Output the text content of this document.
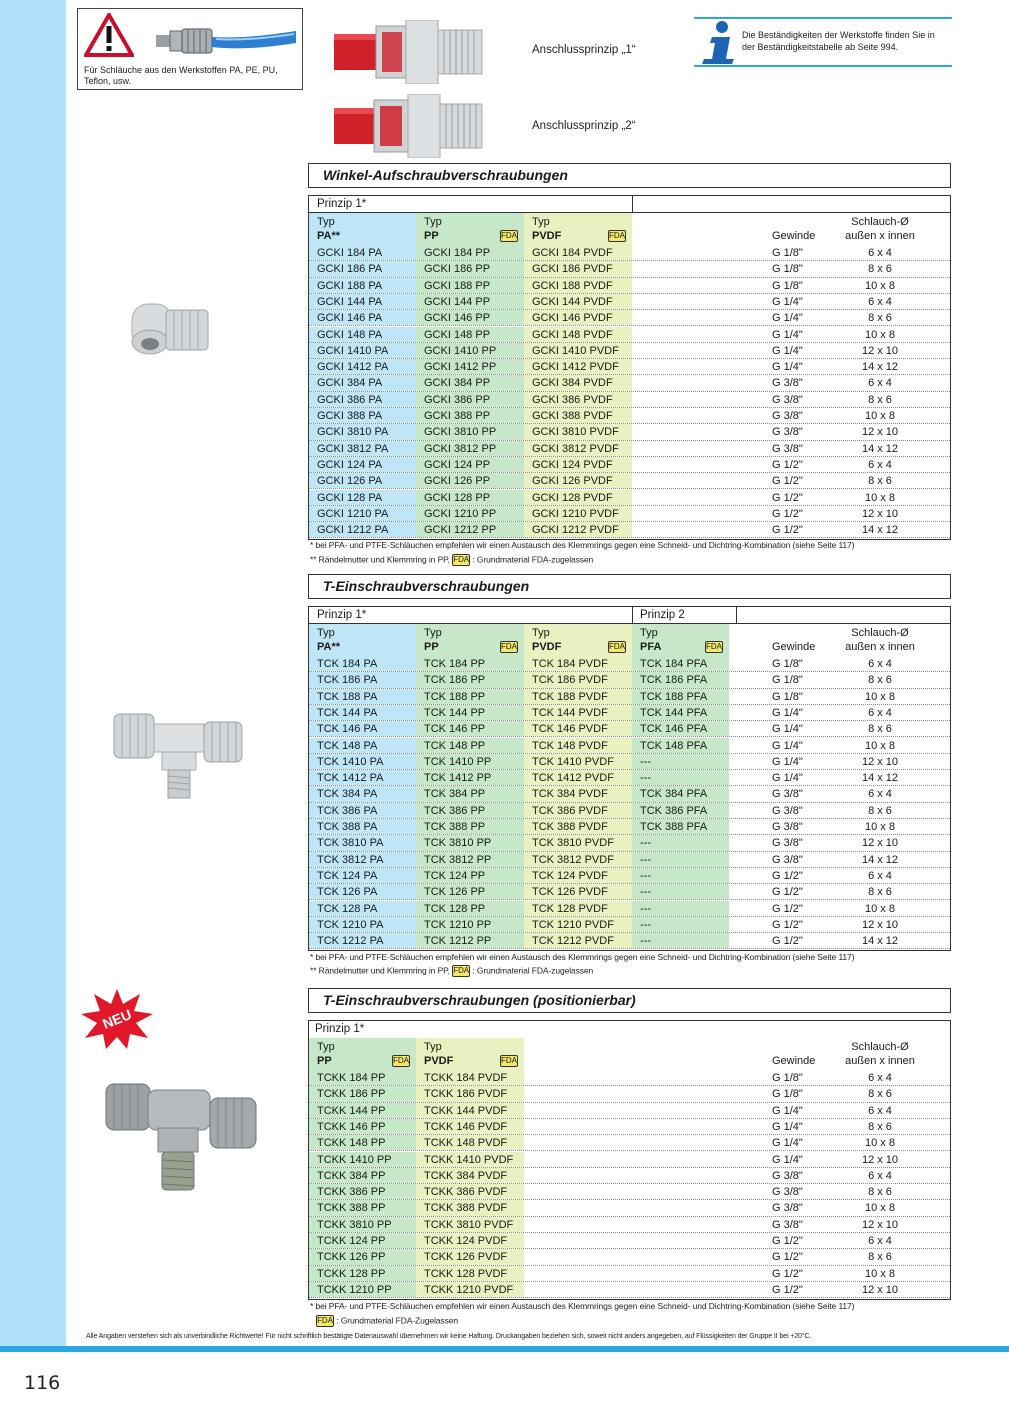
Für Schläuche aus den Werkstoffen PA, PE, PU, Teflon, usw.
Anschlussprinzip „1“
Anschlussprinzip „2“
Die Beständigkeiten der Werkstoffe finden Sie in der Beständigkeitstabelle ab Seite 994.
Winkel-Aufschraubverschraubungen
Prinzip 1*
Typ
PA**
Typ
PP	FDA
Typ
PVDF	FDA
	Gewinde
Schlauch-Ø
außen x innen
GCKI 184 PA	GCKI 184 PP	GCKI 184 PVDF	G 1/8"	6 x 4
GCKI 186 PA	GCKI 186 PP	GCKI 186 PVDF	G 1/8"	8 x 6
GCKI 188 PA	GCKI 188 PP	GCKI 188 PVDF	G 1/8"	10 x 8
GCKI 144 PA	GCKI 144 PP	GCKI 144 PVDF	G 1/4"	6 x 4
GCKI 146 PA	GCKI 146 PP	GCKI 146 PVDF	G 1/4"	8 x 6
GCKI 148 PA	GCKI 148 PP	GCKI 148 PVDF	G 1/4"	10 x 8
GCKI 1410 PA	GCKI 1410 PP	GCKI 1410 PVDF	G 1/4"	12 x 10
GCKI 1412 PA	GCKI 1412 PP	GCKI 1412 PVDF	G 1/4"	14 x 12
GCKI 384 PA	GCKI 384 PP	GCKI 384 PVDF	G 3/8"	6 x 4
GCKI 386 PA	GCKI 386 PP	GCKI 386 PVDF	G 3/8"	8 x 6
GCKI 388 PA	GCKI 388 PP	GCKI 388 PVDF	G 3/8"	10 x 8
GCKI 3810 PA	GCKI 3810 PP	GCKI 3810 PVDF	G 3/8"	12 x 10
GCKI 3812 PA	GCKI 3812 PP	GCKI 3812 PVDF	G 3/8"	14 x 12
GCKI 124 PA	GCKI 124 PP	GCKI 124 PVDF	G 1/2"	6 x 4
GCKI 126 PA	GCKI 126 PP	GCKI 126 PVDF	G 1/2"	8 x 6
GCKI 128 PA	GCKI 128 PP	GCKI 128 PVDF	G 1/2"	10 x 8
GCKI 1210 PA	GCKI 1210 PP	GCKI 1210 PVDF	G 1/2"	12 x 10
GCKI 1212 PA	GCKI 1212 PP	GCKI 1212 PVDF	G 1/2"	14 x 12
* bei PFA- und PTFE-Schläuchen empfehlen wir einen Austausch des Klemmrings gegen eine Schneid- und Dichtring-Kombination (siehe Seite 117)
** Rändelmutter und Klemmring in PP, FDA : Grundmaterial FDA-zugelassen
T-Einschraubverschraubungen
Prinzip 1*	Prinzip 2
Typ
PA**
Typ
PP	FDA
Typ
PVDF	FDA
Typ
PFA	FDA
	Gewinde
Schlauch-Ø
außen x innen
TCK 184 PA	TCK 184 PP	TCK 184 PVDF	TCK 184 PFA	G 1/8"	6 x 4
TCK 186 PA	TCK 186 PP	TCK 186 PVDF	TCK 186 PFA	G 1/8"	8 x 6
TCK 188 PA	TCK 188 PP	TCK 188 PVDF	TCK 188 PFA	G 1/8"	10 x 8
TCK 144 PA	TCK 144 PP	TCK 144 PVDF	TCK 144 PFA	G 1/4"	6 x 4
TCK 146 PA	TCK 146 PP	TCK 146 PVDF	TCK 146 PFA	G 1/4"	8 x 6
TCK 148 PA	TCK 148 PP	TCK 148 PVDF	TCK 148 PFA	G 1/4"	10 x 8
TCK 1410 PA	TCK 1410 PP	TCK 1410 PVDF	---	G 1/4"	12 x 10
TCK 1412 PA	TCK 1412 PP	TCK 1412 PVDF	---	G 1/4"	14 x 12
TCK 384 PA	TCK 384 PP	TCK 384 PVDF	TCK 384 PFA	G 3/8"	6 x 4
TCK 386 PA	TCK 386 PP	TCK 386 PVDF	TCK 386 PFA	G 3/8"	8 x 6
TCK 388 PA	TCK 388 PP	TCK 388 PVDF	TCK 388 PFA	G 3/8"	10 x 8
TCK 3810 PA	TCK 3810 PP	TCK 3810 PVDF	---	G 3/8"	12 x 10
TCK 3812 PA	TCK 3812 PP	TCK 3812 PVDF	---	G 3/8"	14 x 12
TCK 124 PA	TCK 124 PP	TCK 124 PVDF	---	G 1/2"	6 x 4
TCK 126 PA	TCK 126 PP	TCK 126 PVDF	---	G 1/2"	8 x 6
TCK 128 PA	TCK 128 PP	TCK 128 PVDF	---	G 1/2"	10 x 8
TCK 1210 PA	TCK 1210 PP	TCK 1210 PVDF	---	G 1/2"	12 x 10
TCK 1212 PA	TCK 1212 PP	TCK 1212 PVDF	---	G 1/2"	14 x 12
* bei PFA- und PTFE-Schläuchen empfehlen wir einen Austausch des Klemmrings gegen eine Schneid- und Dichtring-Kombination (siehe Seite 117)
** Rändelmutter und Klemmring in PP, FDA : Grundmaterial FDA-zugelassen
NEU
T-Einschraubverschraubungen (positionierbar)
Prinzip 1*
Typ
PP	FDA
Typ
PVDF	FDA
	Gewinde
Schlauch-Ø
außen x innen
TCKK 184 PP	TCKK 184 PVDF	G 1/8"	6 x 4
TCKK 186 PP	TCKK 186 PVDF	G 1/8"	8 x 6
TCKK 144 PP	TCKK 144 PVDF	G 1/4"	6 x 4
TCKK 146 PP	TCKK 146 PVDF	G 1/4"	8 x 6
TCKK 148 PP	TCKK 148 PVDF	G 1/4"	10 x 8
TCKK 1410 PP	TCKK 1410 PVDF	G 1/4"	12 x 10
TCKK 384 PP	TCKK 384 PVDF	G 3/8"	6 x 4
TCKK 386 PP	TCKK 386 PVDF	G 3/8"	8 x 6
TCKK 388 PP	TCKK 388 PVDF	G 3/8"	10 x 8
TCKK 3810 PP	TCKK 3810 PVDF	G 3/8"	12 x 10
TCKK 124 PP	TCKK 124 PVDF	G 1/2"	6 x 4
TCKK 126 PP	TCKK 126 PVDF	G 1/2"	8 x 6
TCKK 128 PP	TCKK 128 PVDF	G 1/2"	10 x 8
TCKK 1210 PP	TCKK 1210 PVDF	G 1/2"	12 x 10
* bei PFA- und PTFE-Schläuchen empfehlen wir einen Austausch des Klemmrings gegen eine Schneid- und Dichtring-Kombination (siehe Seite 117)
FDA : Grundmaterial FDA-Zugelassen
Alle Angaben verstehen sich als unverbindliche Richtwerte! Für nicht schriftlich bestätigte Datenauswahl übernehmen wir keine Haftung. Druckangaben beziehen sich, soweit nicht anders angegeben, auf Flüssigkeiten der Gruppe II bei +20°C.
116
